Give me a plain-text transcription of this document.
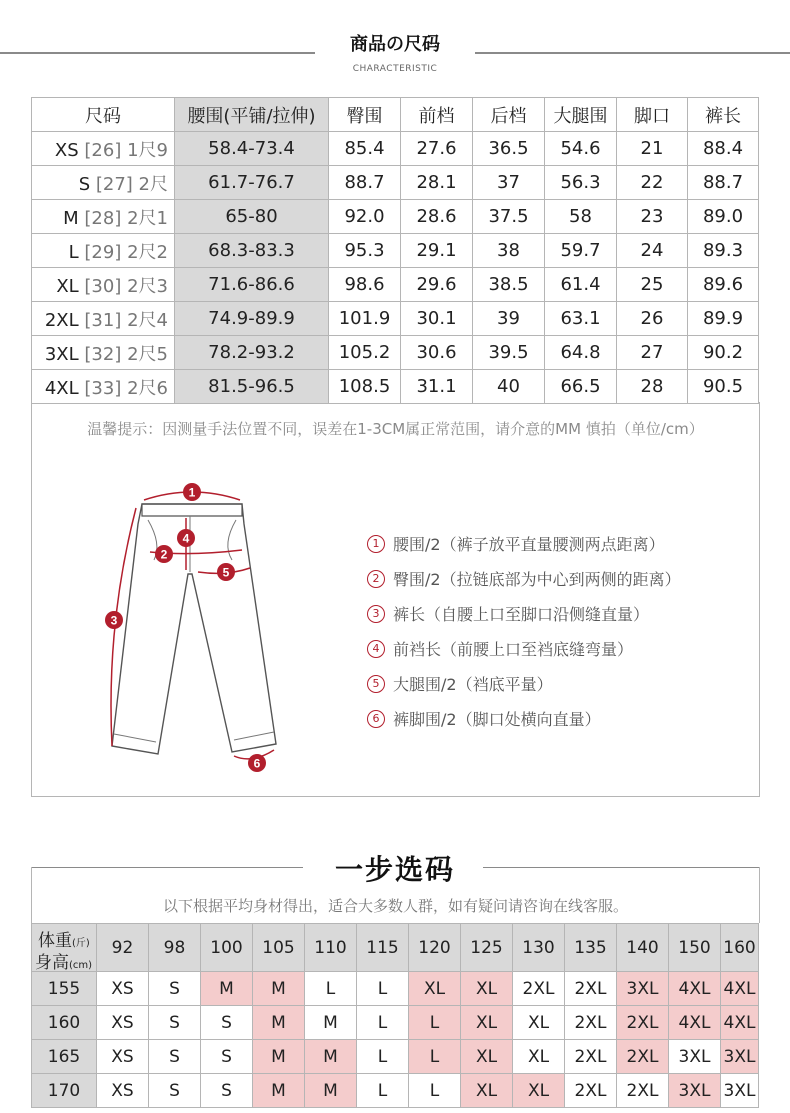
商品の尺码
CHARACTERISTIC
尺码	腰围(平铺/拉伸)	臀围	前档	后档	大腿围	脚口	裤长
XS [26] 1尺9	58.4-73.4	85.4	27.6	36.5	54.6	21	88.4
S [27] 2尺	61.7-76.7	88.7	28.1	37	56.3	22	88.7
M [28] 2尺1	65-80	92.0	28.6	37.5	58	23	89.0
L [29] 2尺2	68.3-83.3	95.3	29.1	38	59.7	24	89.3
XL [30] 2尺3	71.6-86.6	98.6	29.6	38.5	61.4	25	89.6
2XL [31] 2尺4	74.9-89.9	101.9	30.1	39	63.1	26	89.9
3XL [32] 2尺5	78.2-93.2	105.2	30.6	39.5	64.8	27	90.2
4XL [33] 2尺6	81.5-96.5	108.5	31.1	40	66.5	28	90.5
温馨提示：因测量手法位置不同，误差在1-3CM属正常范围，请介意的MM 慎拍（单位/cm）
1
2
3
4
5
6
1 腰围/2（裤子放平直量腰测两点距离）
2 臀围/2（拉链底部为中心到两侧的距离）
3 裤长（自腰上口至脚口沿侧缝直量）
4 前裆长（前腰上口至裆底缝弯量）
5 大腿围/2（裆底平量）
6 裤脚围/2（脚口处横向直量）
一步选码
以下根据平均身材得出，适合大多数人群，如有疑问请咨询在线客服。
体重(斤)
身高(cm)	92	98	100	105	110	115	120	125	130	135	140	150	160
155	XS	S	M	M	L	L	XL	XL	2XL	2XL	3XL	4XL	4XL
160	XS	S	S	M	M	L	L	XL	XL	2XL	2XL	4XL	4XL
165	XS	S	S	M	M	L	L	XL	XL	2XL	2XL	3XL	3XL
170	XS	S	S	M	M	L	L	XL	XL	2XL	2XL	3XL	3XL
